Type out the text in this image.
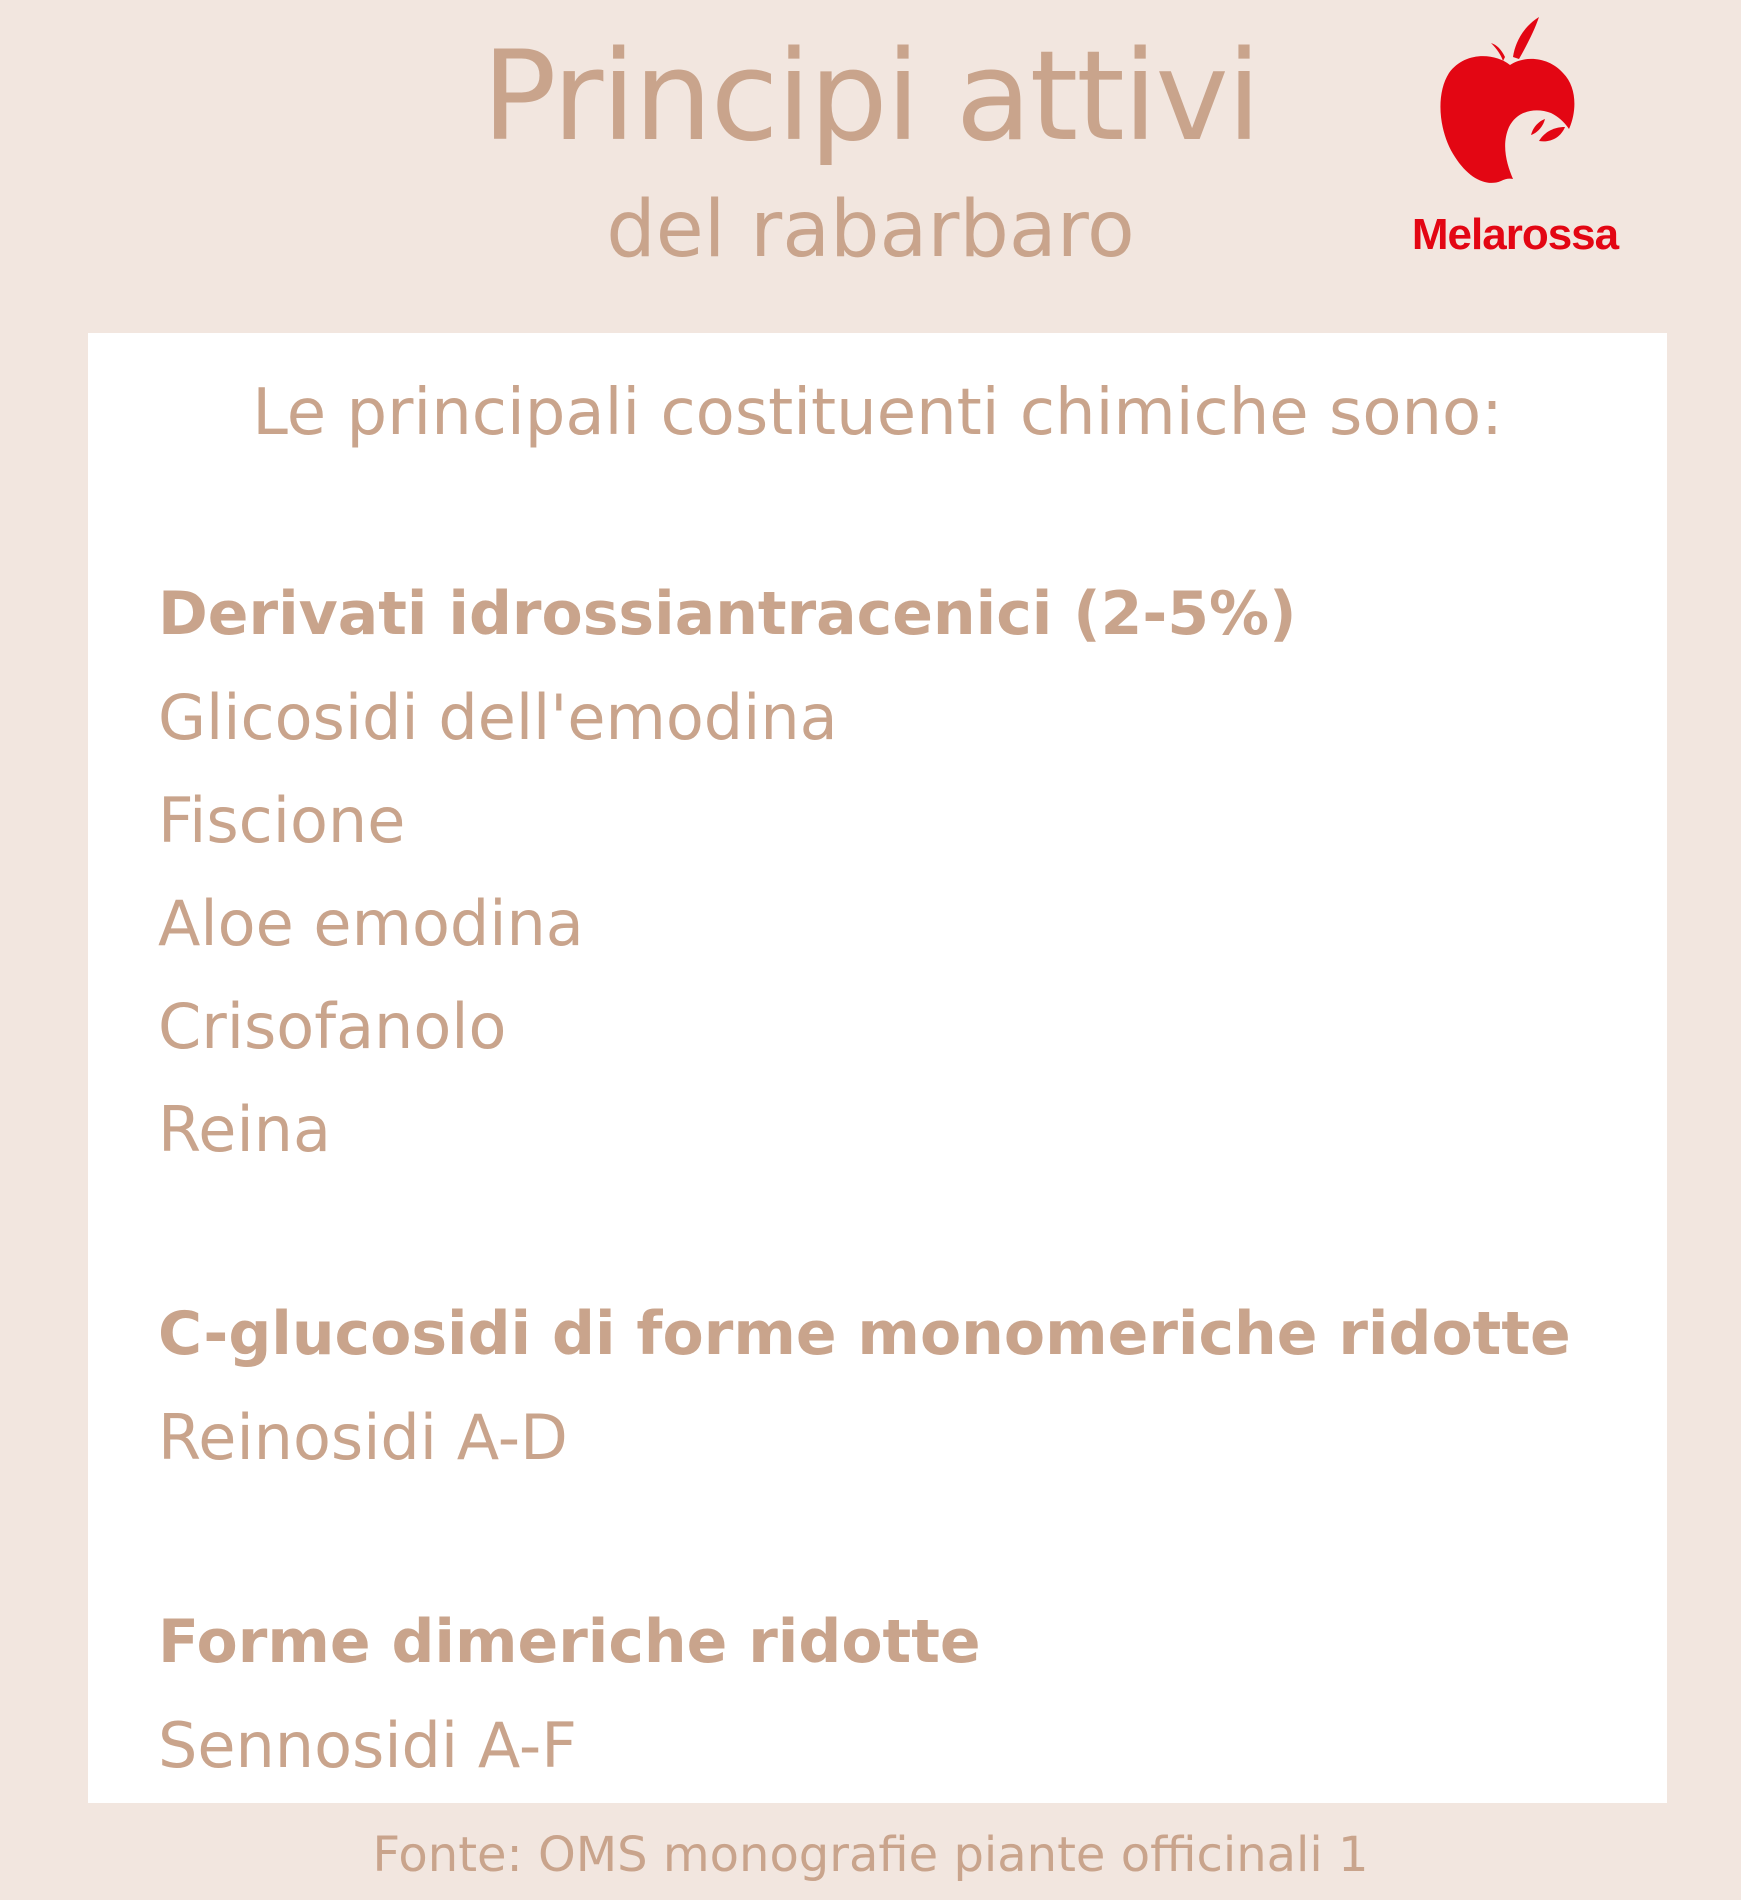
Principi attivi
del rabarbaro	Melarossa
Le principali costituenti chimiche sono:
Derivati idrossiantracenici (2-5%)
Glicosidi dell'emodina
Fiscione
Aloe emodina
Crisofanolo
Reina
C-glucosidi di forme monomeriche ridotte
Reinosidi A-D
Forme dimeriche ridotte
Sennosidi A-F
Fonte: OMS monografie piante officinali 1
